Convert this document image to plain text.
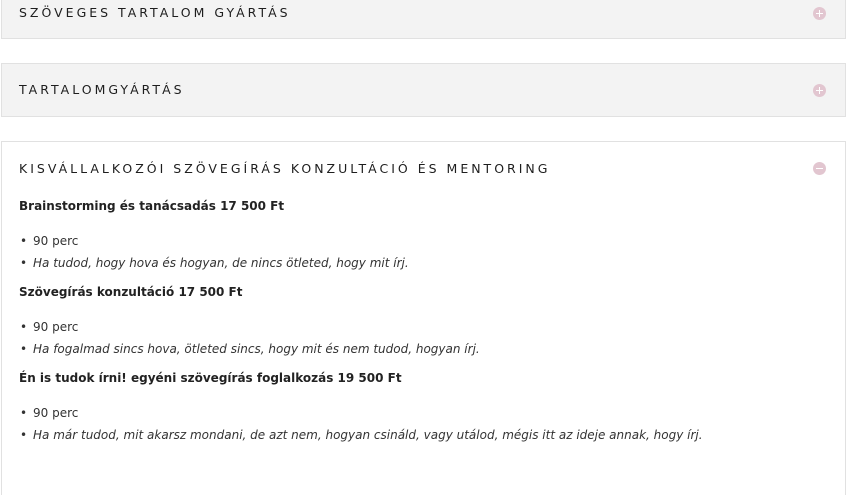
SZÖVEGES TARTALOM GYÁRTÁS
TARTALOMGYÁRTÁS
KISVÁLLALKOZÓI SZÖVEGÍRÁS KONZULTÁCIÓ ÉS MENTORING

Brainstorming és tanácsadás 17 500 Ft

• 90 perc
• Ha tudod, hogy hova és hogyan, de nincs ötleted, hogy mit írj.

Szövegírás konzultáció 17 500 Ft

• 90 perc
• Ha fogalmad sincs hova, ötleted sincs, hogy mit és nem tudod, hogyan írj.

Én is tudok írni! egyéni szövegírás foglalkozás 19 500 Ft

• 90 perc
• Ha már tudod, mit akarsz mondani, de azt nem, hogyan csináld, vagy utálod, mégis itt az ideje annak, hogy írj.
